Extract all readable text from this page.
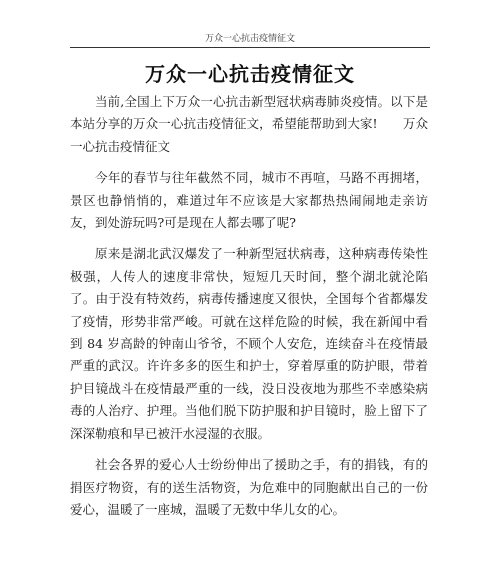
万众一心抗击疫情征文
万众一心抗击疫情征文

当前,全国上下万众一心抗击新型冠状病毒肺炎疫情。以下是本站分享的万众一心抗击疫情征文，希望能帮助到大家!　　万众一心抗击疫情征文

今年的春节与往年截然不同，城市不再喧，马路不再拥堵，景区也静悄悄的，难道过年不应该是大家都热热闹闹地走亲访友，到处游玩吗?可是现在人都去哪了呢?

原来是湖北武汉爆发了一种新型冠状病毒，这种病毒传染性极强，人传人的速度非常快，短短几天时间，整个湖北就沦陷了。由于没有特效药，病毒传播速度又很快，全国每个省都爆发了疫情，形势非常严峻。可就在这样危险的时候，我在新闻中看到 84 岁高龄的钟南山爷爷，不顾个人安危，连续奋斗在疫情最严重的武汉。许许多多的医生和护士，穿着厚重的防护眼，带着护目镜战斗在疫情最严重的一线，没日没夜地为那些不幸感染病毒的人治疗、护理。当他们脱下防护服和护目镜时，脸上留下了深深勒痕和早已被汗水浸湿的衣服。

社会各界的爱心人士纷纷伸出了援助之手，有的捐钱，有的捐医疗物资，有的送生活物资，为危难中的同胞献出自己的一份爱心，温暖了一座城，温暖了无数中华儿女的心。
